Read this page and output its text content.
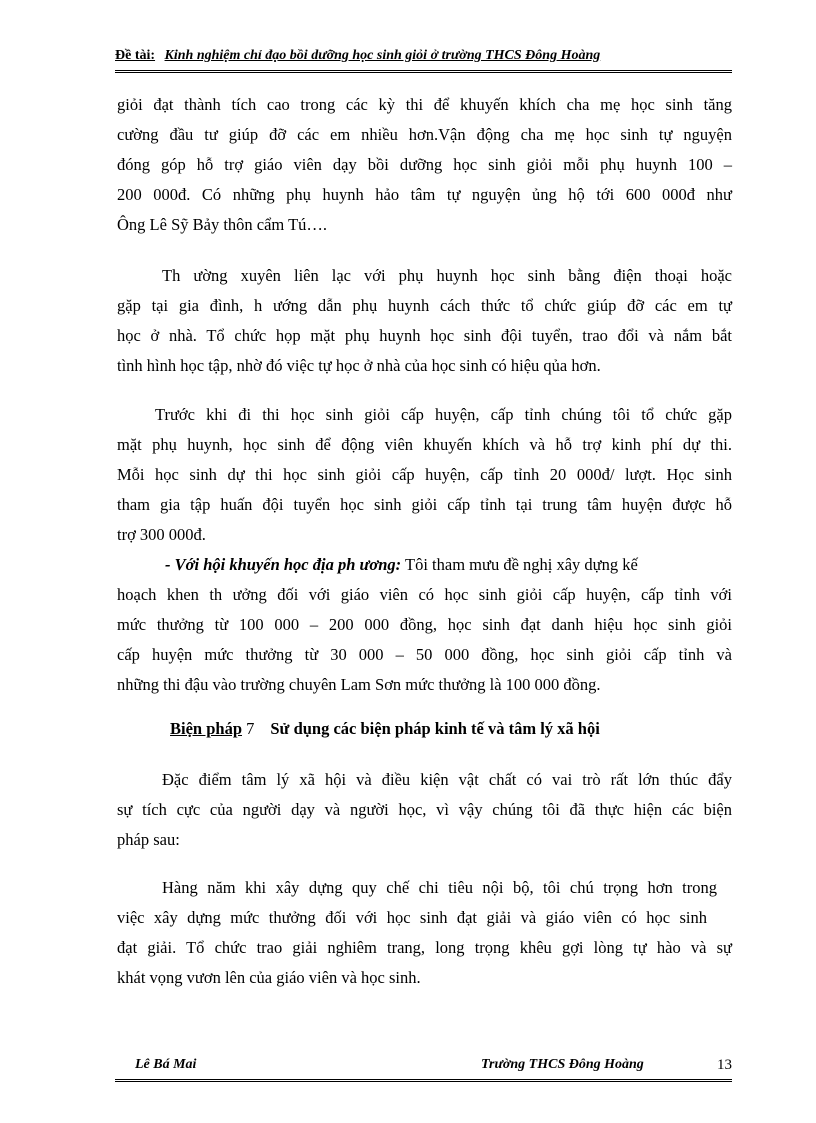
Đề tài: Kinh nghiệm chỉ đạo bồi dưỡng học sinh giỏi ở trường THCS Đông Hoàng
giỏi đạt thành tích cao trong các kỳ thi để khuyến khích cha mẹ học sinh tăng
cường đầu tư giúp đỡ các em nhiều hơn.Vận động cha mẹ học sinh tự nguyện
đóng góp hỗ trợ giáo viên dạy bồi dưỡng học sinh giỏi mỗi phụ huynh 100 –
200 000đ. Có những phụ huynh hảo tâm tự nguyện ủng hộ tới 600 000đ như
Ông Lê Sỹ Bảy thôn cẩm Tú….
Th ường xuyên liên lạc với phụ huynh học sinh bằng điện thoại hoặc
gặp tại gia đình, h ướng dẫn phụ huynh cách thức tổ chức giúp đỡ các em tự
học ở nhà. Tổ chức họp mặt phụ huynh học sinh đội tuyển, trao đổi và nắm bắt
tình hình học tập, nhờ đó việc tự học ở nhà của học sinh có hiệu qủa hơn.
Trước khi đi thi học sinh giỏi cấp huyện, cấp tỉnh chúng tôi tổ chức gặp
mặt phụ huynh, học sinh để động viên khuyến khích và hỗ trợ kinh phí dự thi.
Mỗi học sinh dự thi học sinh giỏi cấp huyện, cấp tỉnh 20 000đ/ lượt. Học sinh
tham gia tập huấn đội tuyển học sinh giỏi cấp tỉnh tại trung tâm huyện được hỗ
trợ 300 000đ.
- Với hội khuyến học địa ph ương: Tôi tham mưu đề nghị xây dựng kế
hoạch khen th ưởng đối với giáo viên có học sinh giỏi cấp huyện, cấp tỉnh với
mức thưởng từ 100 000 – 200 000 đồng, học sinh đạt danh hiệu học sinh giỏi
cấp huyện mức thưởng từ 30 000 – 50 000 đồng, học sinh giỏi cấp tỉnh và
những thi đậu vào trường chuyên Lam Sơn mức thưởng là 100 000 đồng.
Biện pháp 7 Sử dụng các biện pháp kinh tế và tâm lý xã hội
Đặc điểm tâm lý xã hội và điều kiện vật chất có vai trò rất lớn thúc đẩy
sự tích cực của người dạy và người học, vì vậy chúng tôi đã thực hiện các biện
pháp sau:
Hàng năm khi xây dựng quy chế chi tiêu nội bộ, tôi chú trọng hơn trong
việc xây dựng mức thưởng đối với học sinh đạt giải và giáo viên có học sinh
đạt giải. Tổ chức trao giải nghiêm trang, long trọng khêu gợi lòng tự hào và sự
khát vọng vươn lên của giáo viên và học sinh.
Lê Bá Mai	Trường THCS Đông Hoàng	13
